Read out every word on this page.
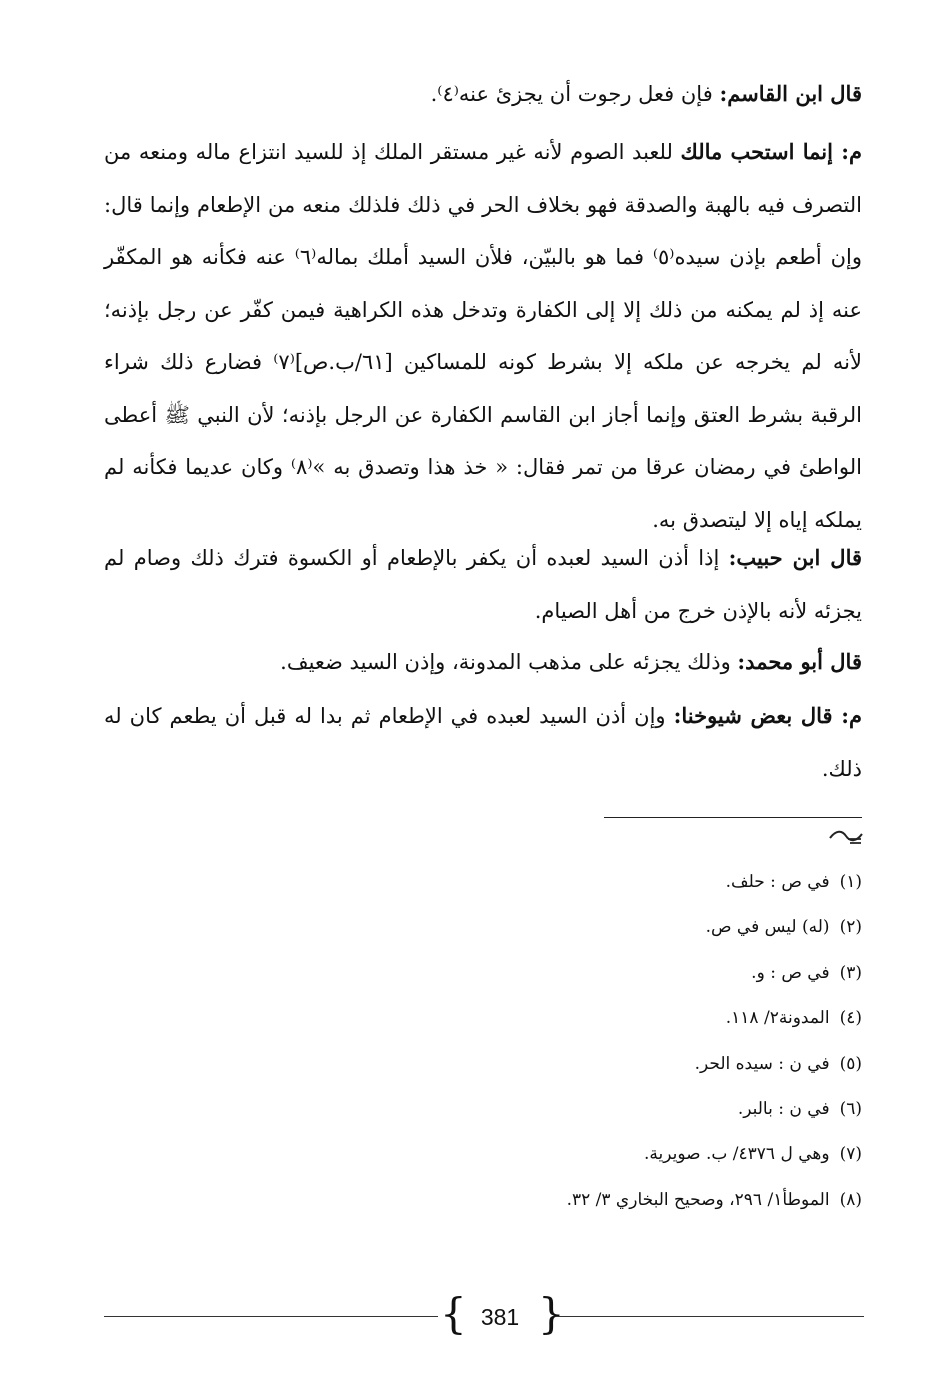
قال ابن القاسم: فإن فعل رجوت أن يجزئ عنه⁽٤⁾.
م: إنما استحب مالك للعبد الصوم لأنه غير مستقر الملك إذ للسيد انتزاع ماله ومنعه من التصرف فيه بالهبة والصدقة فهو بخلاف الحر في ذلك فلذلك منعه من الإطعام وإنما قال: وإن أطعم بإذن سيده⁽٥⁾ فما هو بالبيّن، فلأن السيد أملك بماله⁽٦⁾ عنه فكأنه هو المكفّر عنه إذ لم يمكنه من ذلك إلا إلى الكفارة وتدخل هذه الكراهية فيمن كفّر عن رجل بإذنه؛ لأنه لم يخرجه عن ملكه إلا بشرط كونه للمساكين [٦١/ب.ص]⁽٧⁾ فضارع ذلك شراء الرقبة بشرط العتق وإنما أجاز ابن القاسم الكفارة عن الرجل بإذنه؛ لأن النبي ﷺ أعطى الواطئ في رمضان عرقا من تمر فقال: « خذ هذا وتصدق به »⁽٨⁾ وكان عديما فكأنه لم يملكه إياه إلا ليتصدق به.
قال ابن حبيب: إذا أذن السيد لعبده أن يكفر بالإطعام أو الكسوة فترك ذلك وصام لم يجزئه لأنه بالإذن خرج من أهل الصيام.
قال أبو محمد: وذلك يجزئه على مذهب المدونة، وإذن السيد ضعيف.
م: قال بعض شيوخنا: وإن أذن السيد لعبده في الإطعام ثم بدا له قبل أن يطعم كان له ذلك.
(١)في ص : حلف.
(٢)(له) ليس في ص.
(٣)في ص : و.
(٤)المدونة٢/ ١١٨.
(٥)في ن : سيده الحر.
(٦)في ن : بالبر.
(٧)وهي ل ٤٣٧٦/ ب. صويرية.
(٨)الموطأ١/ ٢٩٦، وصحيح البخاري ٣/ ٣٢.
{ 381 }
